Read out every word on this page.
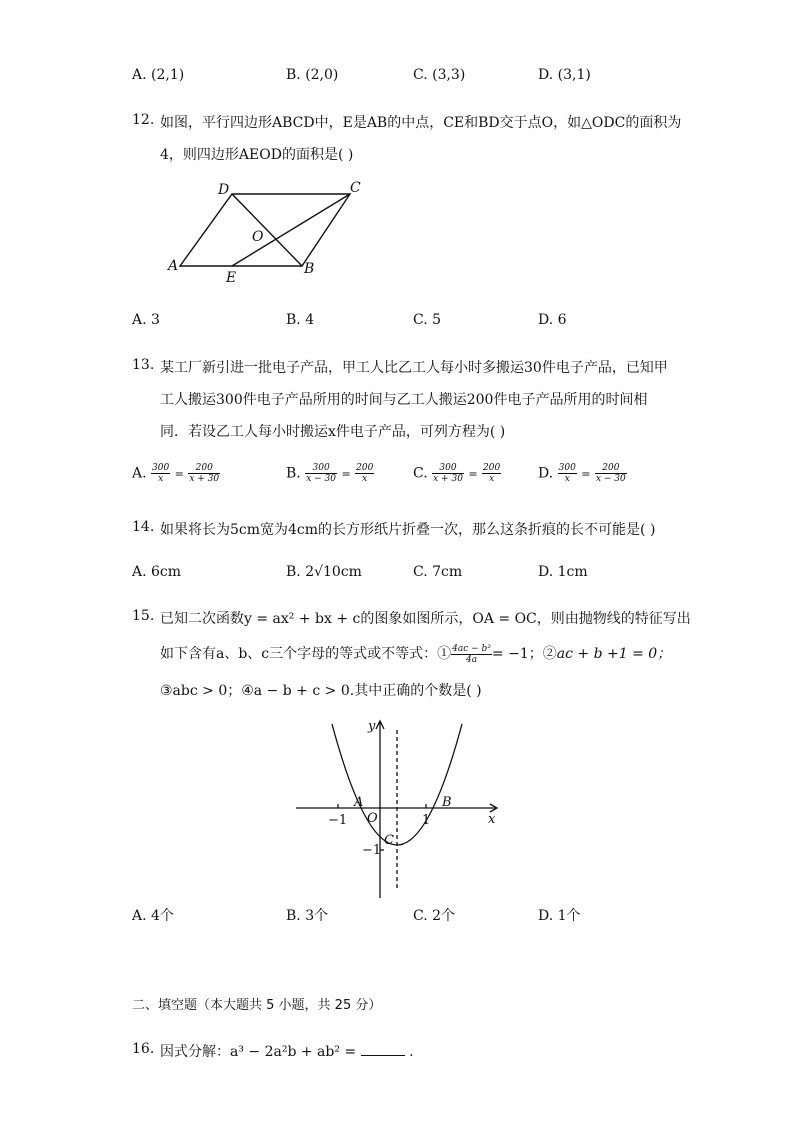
A. (2,1)	B. (2,0)	C. (3,3)	D. (3,1)
12. 如图，平行四边形ABCD中，E是AB的中点，CE和BD交于点O，如△ODC的面积为
4，则四边形AEOD的面积是( )
D	C
O
A
E
B
A. 3	B. 4	C. 5	D. 6
13. 某工厂新引进一批电子产品，甲工人比乙工人每小时多搬运30件电子产品，已知甲
工人搬运300件电子产品所用的时间与乙工人搬运200件电子产品所用的时间相
同．若设乙工人每小时搬运x件电子产品，可列方程为( )
A. $\frac{300}{x} = \frac{200}{x + 30}$	B. $\frac{300}{x - 30} = \frac{200}{x}$	C. $\frac{300}{x + 30} = \frac{200}{x}$	D. $\frac{300}{x} = \frac{200}{x - 30}$
14. 如果将长为5cm宽为4cm的长方形纸片折叠一次，那么这条折痕的长不可能是( )
A. 6cm	B. 2√10cm	C. 7cm	D. 1cm
15. 已知二次函数y = ax² + bx + c的图象如图所示，OA = OC，则由抛物线的特征写出
如下含有a、b、c三个字母的等式或不等式：① $\frac{\text{4ac − b²}}{4a} = -1$；②ac + b +1 = 0；
③abc > 0；④a − b + c > 0.其中正确的个数是( )
y
x
A	B
O
C
−1	1
−1
A. 4个	B. 3个	C. 2个	D. 1个
二、填空题（本大题共 5 小题，共 25 分）
16. 因式分解：a³ − 2a²b + ab² =	.
